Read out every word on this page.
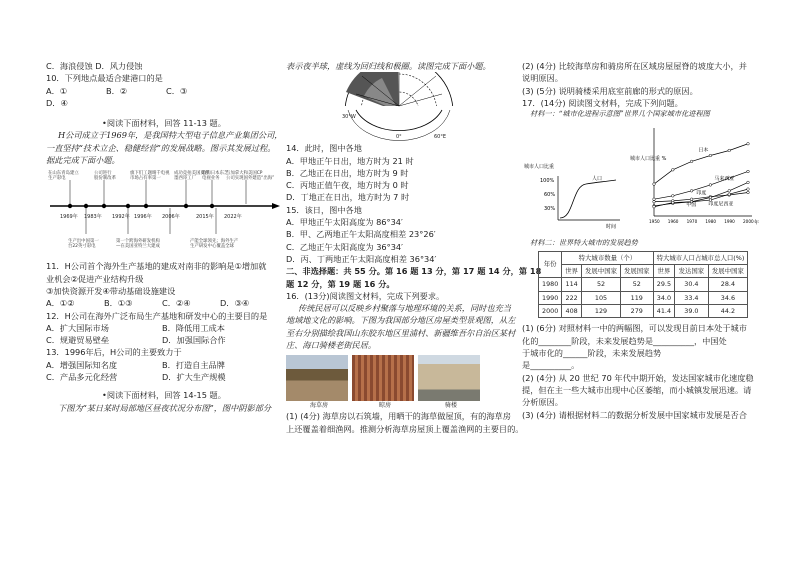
C．海浪侵蚀 D．风力侵蚀
10．下列地点最适合建港口的是
A．①	B．②	C．③
D．④
•阅读下面材料，回答 11-13 题。
H公司成立于1969年，是我国特大型电子信息产业集团公司，
一直坚持“技术立企、稳健经营”的发展战略。图示其发展过程。
据此完成下面小题。
在山东青岛建立生产彩电
公司进行股份制改革
旗下们工题晴千电视市场占有率第一
成功竞拍美国夏普墨西哥工厂
收购日本东芝电视业务
与加拿大和美国CP 公司实现国外建造“出海”
1969年 1983年 1992年 1996年 2006年	2015年 2022年
生产出中国第一台22英寸彩电
第一个跨海外研发机构—在美国亚特兰大建成
产能全球领先；海外生产生产研发中心覆盖全球
11．H公司首个海外生产基地的建成对南非的影响是①增加就
业机会②促进产业结构升级
③加快资源开发④带动基础设施建设
A．①②	B．①③	C．②④	D．③④
12．H公司在海外广泛布局生产基地和研发中心的主要目的是
A．扩大国际市场	B．降低用工成本
C．规避贸易壁垒	D．加强国际合作
13．1996年后，H公司的主要致力于
A．增强国际知名度	B．打造自主品牌
C．产品多元化经营	D．扩大生产规模
•阅读下面材料，回答 14-15 题。
下图为“某日某时局部地区昼夜状况分布图”，图中阴影部分
表示夜半球，虚线为回归线和极圈。读图完成下面小题。
30°W
60°E
0°
14．此时，图中各地
A．甲地正午日出，地方时为 21 时
B．乙地正在日出，地方时为 9 时
C．丙地正值午夜，地方时为 0 时
D．丁地正在日出，地方时为 7 时
15．该日，图中各地
A．甲地正午太阳高度为 86°34′
B．甲、乙两地正午太阳高度相差 23°26′
C．乙地正午太阳高度为 36°34′
D．丙、丁两地正午太阳高度相差 36°34′
二、非选择题：共 55 分。第 16 题 13 分，第 17 题 14 分，第 18
题 12 分，第 19 题 16 分。
16．(13分)阅读图文材料，完成下列要求。
传统民居可以反映乡村聚落与地理环境的关系，同时也充当
地域地文化的影响。下图为我国部分地区房屋类型景观图，从左
至右分别描绘我国山东胶东地区里浦村、新疆维吾尔自治区某村
庄、海口骑楼老街民居。
海草房	晾房	骑楼
(1) (4分) 海草房以石筑墙，用晒干的海草做屋顶，有的海草房
上还覆盖着细渔网。推测分析海草房屋顶上覆盖渔网的主要目的。
(2) (4分) 比较海草房和骑房所在区域房屋屋脊的坡度大小，并
说明原因。
(3) (5分) 说明骑楼采用底室前廊的形式的原因。
17．(14分) 阅读图文材料，完成下列问题。
材料一：“城市化进程示意图”世界几个国家城市化进程图
城市人口比重
100%
60%
30%
人口
时间
城市人口比重 %
1950 1960 1970 1980 1990 2000
日本
马来西亚
印度
印度尼西亚
中国
年
材料二：世界特大城市的发展趋势
年份	特大城市数量（个）			特大城市人口占城市总人口(%)		
	世界	发展中国家	发展国家	世界	发达国家	发展中国家
1980	114	52	52	29.5	30.4	28.4
1990	222	105	119	34.0	33.4	34.6
2000	408	129	279	41.4	39.0	44.2
(1) (6分) 对照材料一中的两幅图，可以发现目前日本处于城市
化的________阶段，未来发展趋势是__________，中国处
于城市化的______阶段，未来发展趋势
是__________。
(2) (4分) 从 20 世纪 70 年代中期开始，发达国家城市化速度稳
提，但在主一些大城市出现中心区萎缩，而小城镇发展迅速。请
分析原因。
(3) (4分) 请根据材料二的数据分析发展中国家城市发展是否合
